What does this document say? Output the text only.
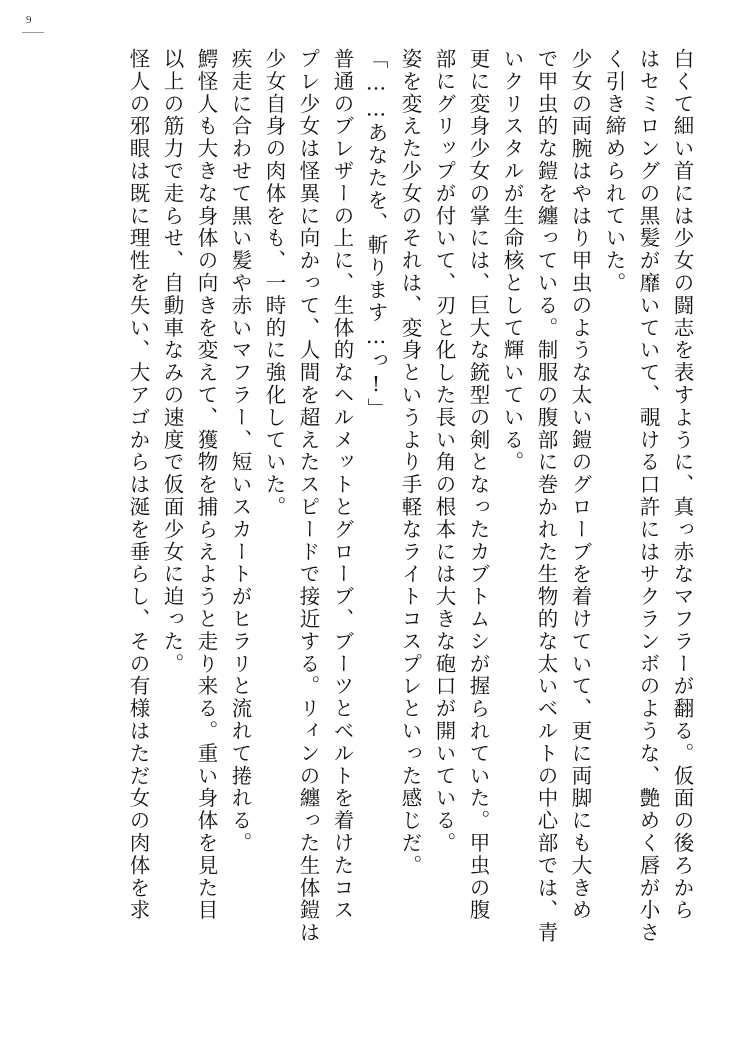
9
白くて細い首には少女の闘志を表すように、真っ赤なマフラーが翻る。仮面の後ろから
はセミロングの黒髪が靡いていて、覗ける口許にはサクランボのような、艶めく唇が小さ
く引き締められていた。
少女の両腕はやはり甲虫のような太い鎧のグローブを着けていて、更に両脚にも大きめ
で甲虫的な鎧を纏っている。制服の腹部に巻かれた生物的な太いベルトの中心部では、青
いクリスタルが生命核として輝いている。
更に変身少女の掌には、巨大な銃型の剣となったカブトムシが握られていた。甲虫の腹
部にグリップが付いて、刃と化した長い角の根本には大きな砲口が開いている。
姿を変えた少女のそれは、変身というより手軽なライトコスプレといった感じだ。
「……あなたを、斬ります…っ!」
普通のブレザーの上に、生体的なヘルメットとグローブ、ブーツとベルトを着けたコス
プレ少女は怪異に向かって、人間を超えたスピードで接近する。リィンの纏った生体鎧は
少女自身の肉体をも、一時的に強化していた。
疾走に合わせて黒い髪や赤いマフラー、短いスカートがヒラリと流れて捲れる。
鰐怪人も大きな身体の向きを変えて、獲物を捕らえようと走り来る。重い身体を見た目
以上の筋力で走らせ、自動車なみの速度で仮面少女に迫った。
怪人の邪眼は既に理性を失い、大アゴからは涎を垂らし、その有様はただ女の肉体を求
